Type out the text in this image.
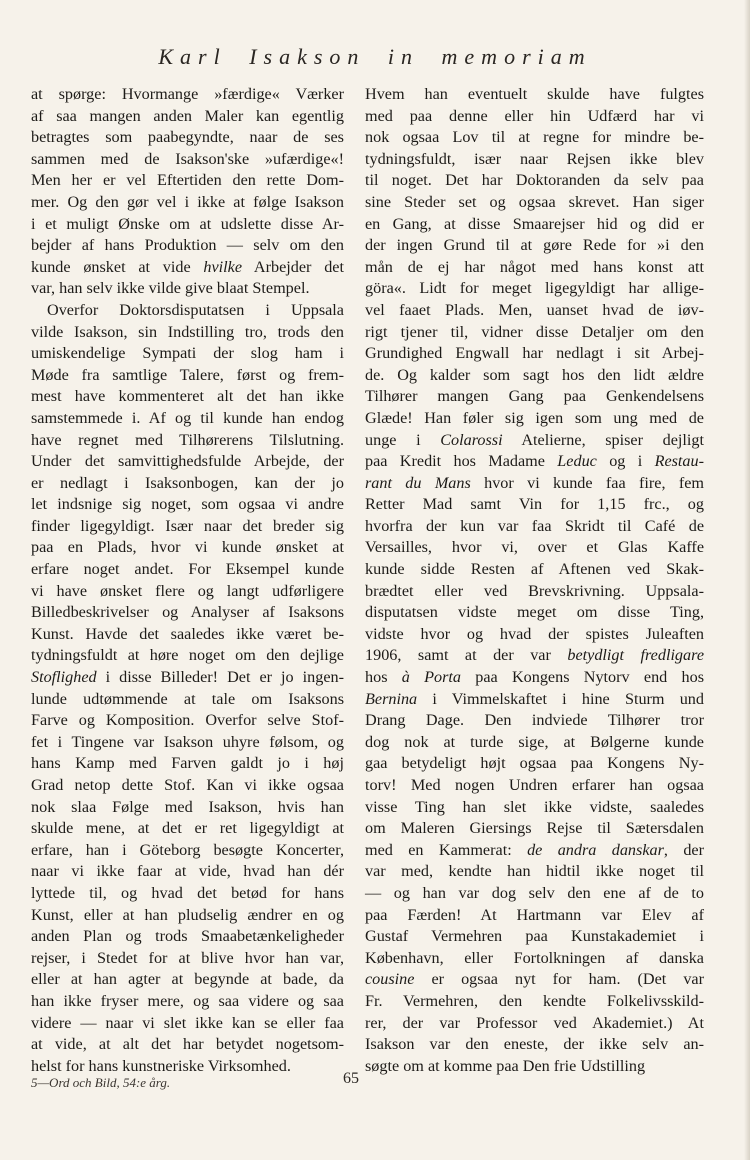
Karl Isakson in memoriam
at spørge: Hvormange »færdige« Værker
af saa mangen anden Maler kan egentlig
betragtes som paabegyndte, naar de ses
sammen med de Isakson'ske »ufærdige«!
Men her er vel Eftertiden den rette Dom-
mer. Og den gør vel i ikke at følge Isakson
i et muligt Ønske om at udslette disse Ar-
bejder af hans Produktion — selv om den
kunde ønsket at vide hvilke Arbejder det
var, han selv ikke vilde give blaat Stempel.
Overfor Doktorsdisputatsen i Uppsala
vilde Isakson, sin Indstilling tro, trods den
umiskendelige Sympati der slog ham i
Møde fra samtlige Talere, først og frem-
mest have kommenteret alt det han ikke
samstemmede i. Af og til kunde han endog
have regnet med Tilhørerens Tilslutning.
Under det samvittighedsfulde Arbejde, der
er nedlagt i Isaksonbogen, kan der jo
let indsnige sig noget, som ogsaa vi andre
finder ligegyldigt. Især naar det breder sig
paa en Plads, hvor vi kunde ønsket at
erfare noget andet. For Eksempel kunde
vi have ønsket flere og langt udførligere
Billedbeskrivelser og Analyser af Isaksons
Kunst. Havde det saaledes ikke været be-
tydningsfuldt at høre noget om den dejlige
Stoflighed i disse Billeder! Det er jo ingen-
lunde udtømmende at tale om Isaksons
Farve og Komposition. Overfor selve Stof-
fet i Tingene var Isakson uhyre følsom, og
hans Kamp med Farven galdt jo i høj
Grad netop dette Stof. Kan vi ikke ogsaa
nok slaa Følge med Isakson, hvis han
skulde mene, at det er ret ligegyldigt at
erfare, han i Göteborg besøgte Koncerter,
naar vi ikke faar at vide, hvad han dér
lyttede til, og hvad det betød for hans
Kunst, eller at han pludselig ændrer en og
anden Plan og trods Smaabetænkeligheder
rejser, i Stedet for at blive hvor han var,
eller at han agter at begynde at bade, da
han ikke fryser mere, og saa videre og saa
videre — naar vi slet ikke kan se eller faa
at vide, at alt det har betydet nogetsom-
helst for hans kunstneriske Virksomhed.
Hvem han eventuelt skulde have fulgtes
med paa denne eller hin Udfærd har vi
nok ogsaa Lov til at regne for mindre be-
tydningsfuldt, især naar Rejsen ikke blev
til noget. Det har Doktoranden da selv paa
sine Steder set og ogsaa skrevet. Han siger
en Gang, at disse Smaarejser hid og did er
der ingen Grund til at gøre Rede for »i den
mån de ej har något med hans konst att
göra«. Lidt for meget ligegyldigt har allige-
vel faaet Plads. Men, uanset hvad de iøv-
rigt tjener til, vidner disse Detaljer om den
Grundighed Engwall har nedlagt i sit Arbej-
de. Og kalder som sagt hos den lidt ældre
Tilhører mangen Gang paa Genkendelsens
Glæde! Han føler sig igen som ung med de
unge i Colarossi Atelierne, spiser dejligt
paa Kredit hos Madame Leduc og i Restau-
rant du Mans hvor vi kunde faa fire, fem
Retter Mad samt Vin for 1,15 frc., og
hvorfra der kun var faa Skridt til Café de
Versailles, hvor vi, over et Glas Kaffe
kunde sidde Resten af Aftenen ved Skak-
brædtet eller ved Brevskrivning. Uppsala-
disputatsen vidste meget om disse Ting,
vidste hvor og hvad der spistes Juleaften
1906, samt at der var betydligt fredligare
hos à Porta paa Kongens Nytorv end hos
Bernina i Vimmelskaftet i hine Sturm und
Drang Dage. Den indviede Tilhører tror
dog nok at turde sige, at Bølgerne kunde
gaa betydeligt højt ogsaa paa Kongens Ny-
torv! Med nogen Undren erfarer han ogsaa
visse Ting han slet ikke vidste, saaledes
om Maleren Giersings Rejse til Sætersdalen
med en Kammerat: de andra danskar, der
var med, kendte han hidtil ikke noget til
— og han var dog selv den ene af de to
paa Færden! At Hartmann var Elev af
Gustaf Vermehren paa Kunstakademiet i
København, eller Fortolkningen af danska
cousine er ogsaa nyt for ham. (Det var
Fr. Vermehren, den kendte Folkelivsskild-
rer, der var Professor ved Akademiet.) At
Isakson var den eneste, der ikke selv an-
søgte om at komme paa Den frie Udstilling
5—Ord och Bild, 54:e årg.	65
